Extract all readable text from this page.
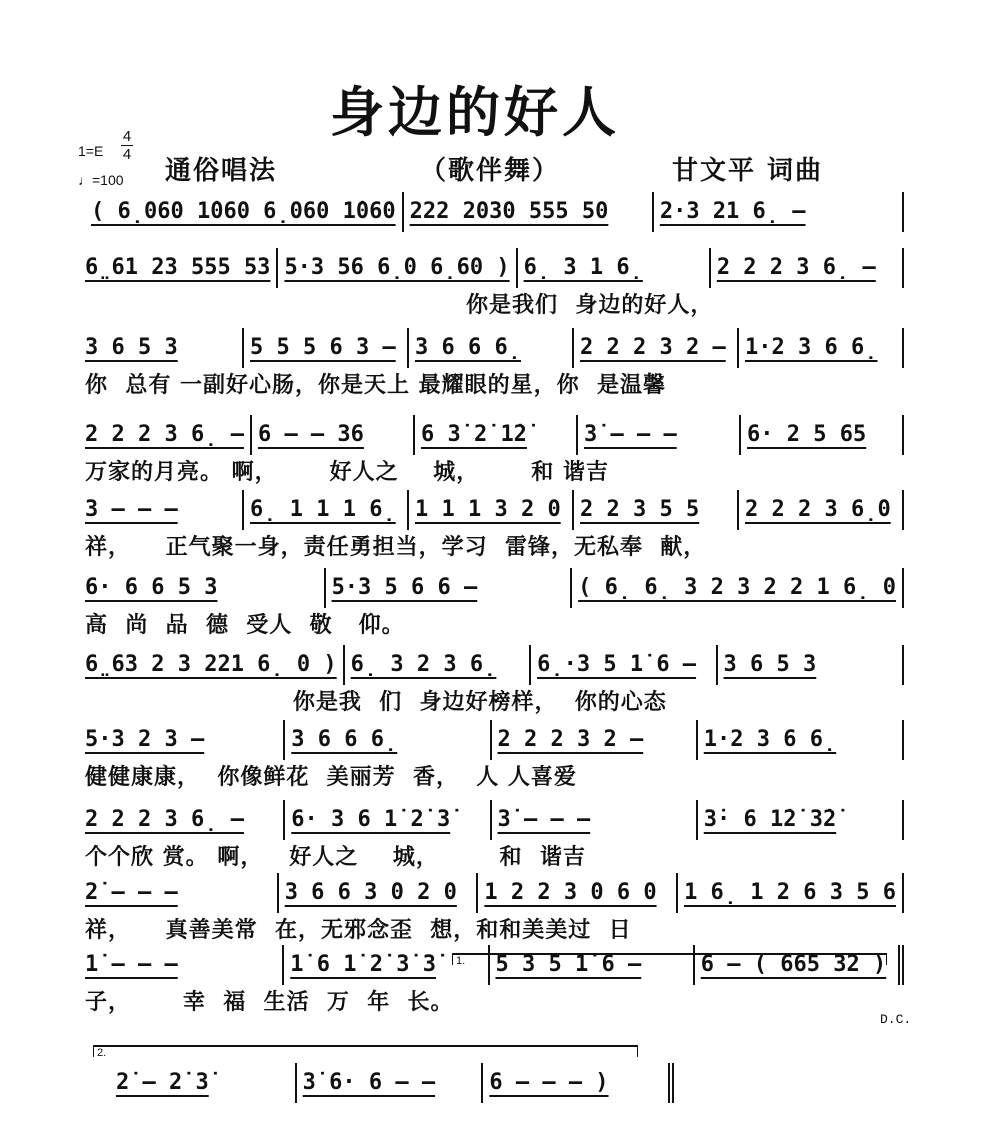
身边的好人
1=E
4
4
♩=100 通俗唱法	（歌伴舞）	甘文平 词曲
( 6̣060 1̇060 6̣060 1̇060 222 2030 555 50	2·3 21 6̣ –
6̤61 23 555 53 5·3 56 6̣0 6̣60 ) 6̣ 3 1 6̣	2 2 2 3 6̣ –
你是我们  身边的好人，
3 6 5 3	5 5 5 6 3 – 3 6 6 6̣	2 2 2 3 2 – 1·2 3 6 6̣
你  总有 一副好心肠，你是天上 最耀眼的星，你  是温馨
2 2 2 3 6̣ – 6 – – 36	6 3̇ 2̇ 1̇2̇	3̇ – – –	6· 2 5 65
万家的月亮。 啊，      好人之    城，      和 谐吉
3 – – –	6̣ 1 1 1 6̣ 1 1 1 3 2 0 2 2 3 5 5	2 2 2 3 6̣0
祥，    正气聚一身，责任勇担当，学习  雷锋，无私奉  献，
6· 6 6 5 3	5·3 5 6 6 –	( 6̣ 6̣ 3 2 3 2 2 1 6̣ 0
高  尚  品  德  受人  敬   仰。
6̤63 2 3 221 6̣ 0 ) 6̣ 3 2 3 6̣	6̣·3 5 1̇ 6 –	3 6 5 3
你是我  们  身边好榜样，  你的心态
5·3 2 3 –	3 6 6 6̣	2 2 2 3 2 –	1·2 3 6 6̣
健健康康，  你像鲜花  美丽芳  香，  人 人喜爱
2 2 2 3 6̣ –	6· 3 6 1̇ 2̇ 3̇	3̇ – – –	3̇· 6 1̇2̇ 3̇2̇
个个欣 赏。 啊，   好人之    城，       和  谐吉
2̇ – – –	3 6 6 3 0 2 0	1 2 2 3 0 6 0	1 6̣ 1 2 6 3 5 6
祥，    真善美常  在，无邪念歪  想，和和美美过  日
1̇ – – –	1̇ 6 1̇ 2̇ 3̇ 3̇	5 3 5 1̇ 6 –	6 – ( 665 32 )
子，      幸  福  生活  万  年  长。
2̇ – 2̇ 3̇	3̇ 6· 6 – –	6 – – – )
1.
2.
D.C.
